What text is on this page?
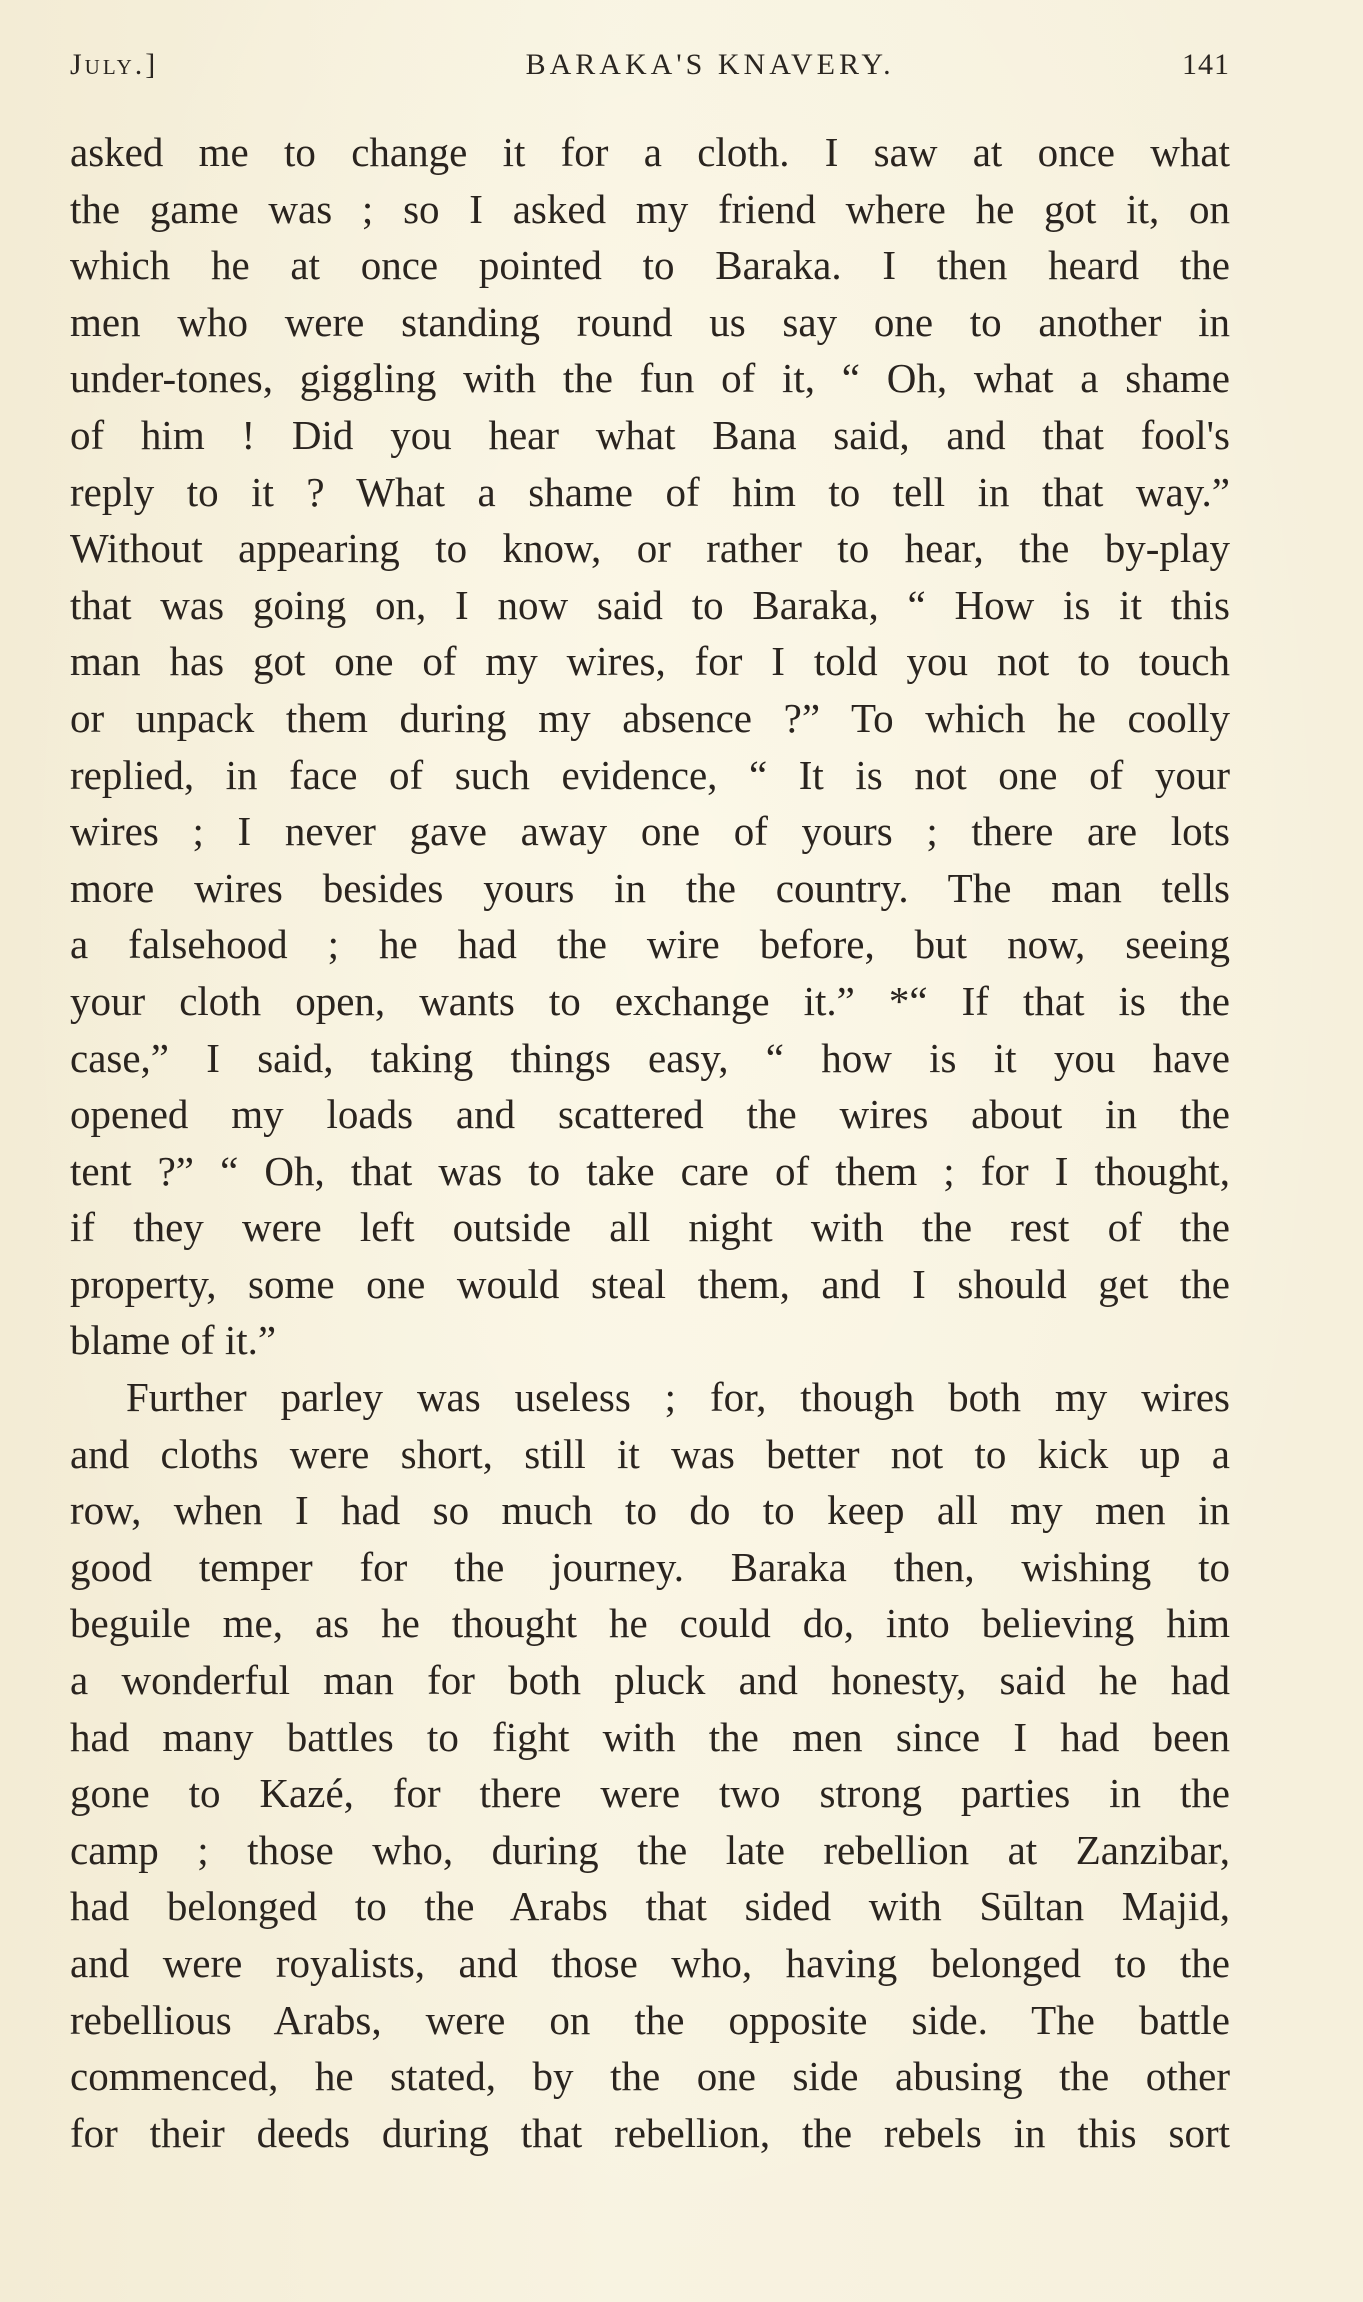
July.]	BARAKA'S KNAVERY.	141
asked me to change it for a cloth. I saw at once what
the game was ; so I asked my friend where he got it, on
which he at once pointed to Baraka. I then heard the
men who were standing round us say one to another in
under-tones, giggling with the fun of it, “ Oh, what a shame
of him ! Did you hear what Bana said, and that fool's
reply to it ? What a shame of him to tell in that way.”
Without appearing to know, or rather to hear, the by-play
that was going on, I now said to Baraka, “ How is it this
man has got one of my wires, for I told you not to touch
or unpack them during my absence ?” To which he coolly
replied, in face of such evidence, “ It is not one of your
wires ; I never gave away one of yours ; there are lots
more wires besides yours in the country. The man tells
a falsehood ; he had the wire before, but now, seeing
your cloth open, wants to exchange it.” *“ If that is the
case,” I said, taking things easy, “ how is it you have
opened my loads and scattered the wires about in the
tent ?” “ Oh, that was to take care of them ; for I thought,
if they were left outside all night with the rest of the
property, some one would steal them, and I should get the
blame of it.”
Further parley was useless ; for, though both my wires
and cloths were short, still it was better not to kick up a
row, when I had so much to do to keep all my men in
good temper for the journey. Baraka then, wishing to
beguile me, as he thought he could do, into believing him
a wonderful man for both pluck and honesty, said he had
had many battles to fight with the men since I had been
gone to Kazé, for there were two strong parties in the
camp ; those who, during the late rebellion at Zanzibar,
had belonged to the Arabs that sided with Sūltan Majid,
and were royalists, and those who, having belonged to the
rebellious Arabs, were on the opposite side. The battle
commenced, he stated, by the one side abusing the other
for their deeds during that rebellion, the rebels in this sort
